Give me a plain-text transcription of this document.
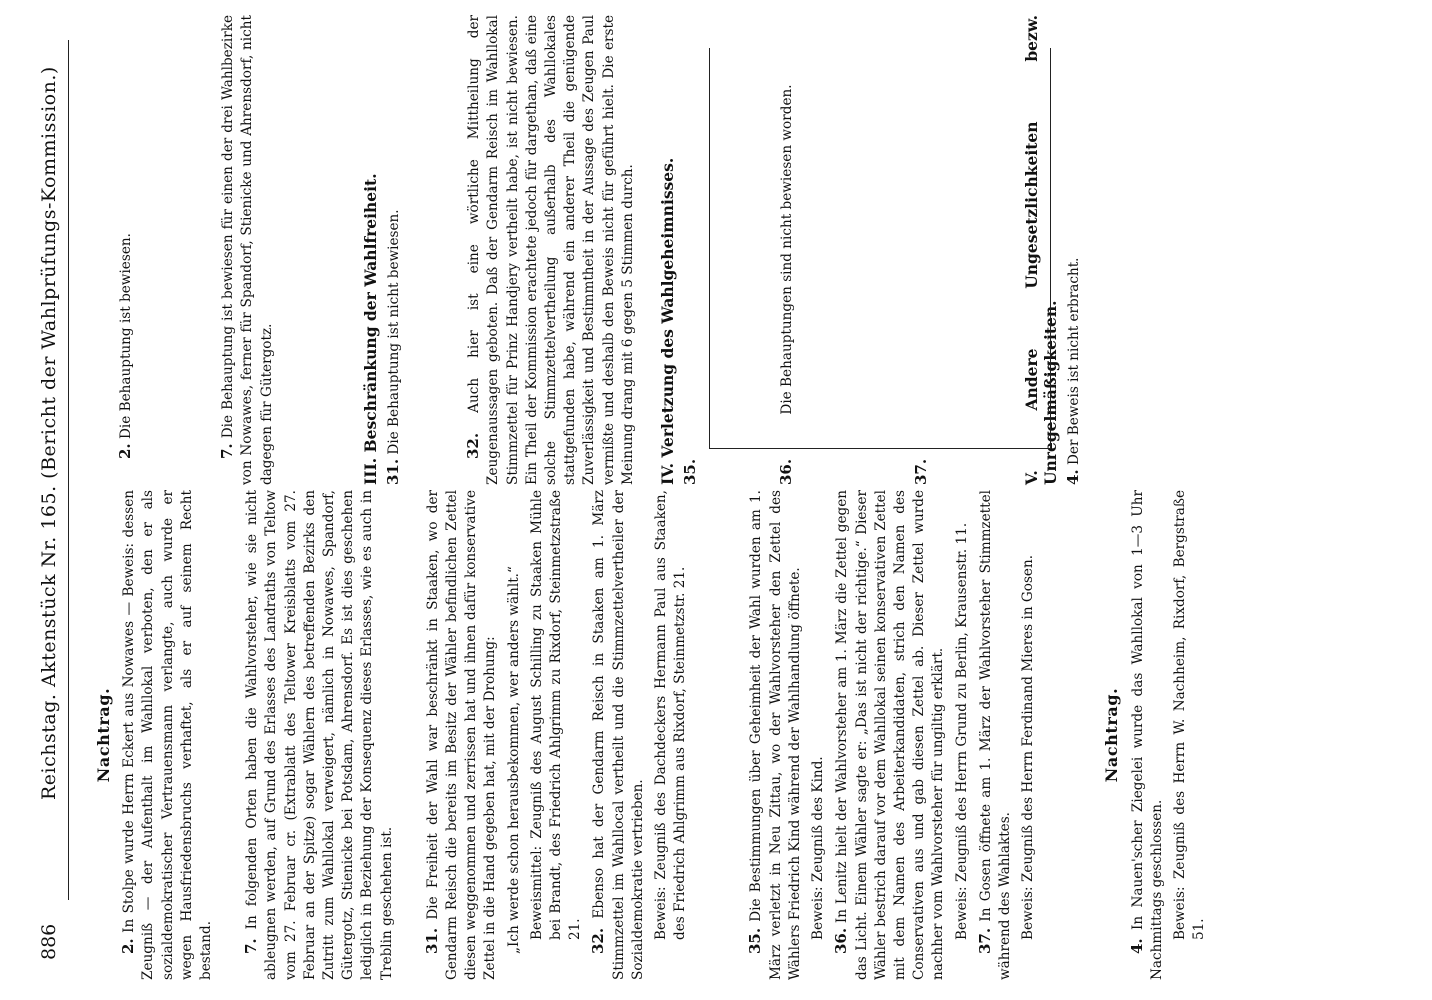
886
Reichstag. Aktenstück Nr. 165. (Bericht der Wahlprüfungs-Kommission.) Nachtrag.

2. In Stolpe wurde Herrn Eckert aus Nowawes — Beweis: dessen Zeugniß — der Aufenthalt im Wahllokal verboten, den er als sozialdemokratischer Vertrauensmann verlangte, auch wurde er wegen Hausfriedensbruchs verhaftet, als er auf seinem Recht bestand. 7. In folgenden Orten haben die Wahlvorsteher, wie sie nicht ableugnen werden, auf Grund des Erlasses des Landraths von Teltow vom 27. Februar cr. (Extrablatt des Teltower Kreisblatts vom 27. Februar an der Spitze) sogar Wählern des betreffenden Bezirks den Zutritt zum Wahllokal verweigert, nämlich in Nowawes, Spandorf, Gütergotz, Stienicke bei Potsdam, Ahrensdorf. Es ist dies geschehen lediglich in Beziehung der Konsequenz dieses Erlasses, wie es auch in Treblin geschehen ist. 31. Die Freiheit der Wahl war beschränkt in Staaken, wo der Gendarm Reisch die bereits im Besitz der Wähler befindlichen Zettel diesen weggenommen und zerrissen hat und ihnen dafür konservative Zettel in die Hand gegeben hat, mit der Drohung: „Ich werde schon herausbekommen, wer anders wählt.“ Beweismittel: Zeugniß des August Schilling zu Staaken Mühle bei Brandt, des Friedrich Ahlgrimm zu Rixdorf, Steinmetzstraße 21. 32. Ebenso hat der Gendarm Reisch in Staaken am 1. März Stimmzettel im Wahllocal vertheilt und die Stimmzettelvertheiler der Sozialdemokratie vertrieben. Beweis: Zeugniß des Dachdeckers Hermann Paul aus Staaken, des Friedrich Ahlgrimm aus Rixdorf, Steinmetzstr. 21.

35. Die Bestimmungen über Geheimheit der Wahl wurden am 1. März verletzt in Neu Zittau, wo der Wahlvorsteher den Zettel des Wählers Friedrich Kind während der Wahlhandlung öffnete. Beweis: Zeugniß des Kind.

36. In Lenitz hielt der Wahlvorsteher am 1. März die Zettel gegen das Licht. Einem Wähler sagte er: „Das ist nicht der richtige.“ Dieser Wähler bestrich darauf vor dem Wahllokal seinen konservativen Zettel mit dem Namen des Arbeiterkandidaten, strich den Namen des Conservativen aus und gab diesen Zettel ab. Dieser Zettel wurde nachher vom Wahlvorsteher für ungiltig erklärt. Beweis: Zeugniß des Herrn Grund zu Berlin, Krausenstr. 11.

37. In Gosen öffnete am 1. März der Wahlvorsteher Stimmzettel während des Wahlaktes. Beweis: Zeugniß des Herrn Ferdinand Mieres in Gosen.	Nachtrag.

4. In Nauen'scher Ziegelei wurde das Wahllokal von 1—3 Uhr Nachmittags geschlossen. Beweis: Zeugniß des Herrn W. Nachheim, Rixdorf, Bergstraße 51.

2. Die Behauptung ist bewiesen.

7. Die Behauptung ist bewiesen für einen der drei Wahlbezirke von Nowawes, ferner für Spandorf, Stienicke und Ahrensdorf, nicht dagegen für Gütergotz.	III. Beschränkung der Wahlfreiheit. 31. Die Behauptung ist nicht bewiesen.	32. Auch hier ist eine wörtliche Mittheilung der Zeugenaussagen geboten. Daß der Gendarm Reisch im Wahllokal Stimmzettel für Prinz Handjery vertheilt habe, ist nicht bewiesen. Ein Theil der Kommission erachtete jedoch für dargethan, daß eine solche Stimmzettelvertheilung außerhalb des Wahllokales stattgefunden habe, während ein anderer Theil die genügende Zuverlässigkeit und Bestimmtheit in der Aussage des Zeugen Paul vermißte und deshalb den Beweis nicht für geführt hielt. Die erste Meinung drang mit 6 gegen 5 Stimmen durch. IV. Verletzung des Wahlgeheimnisses. 35.	36. Die Behauptungen sind nicht bewiesen worden.

37.	V. Andere Ungesetzlichkeiten bezw. Unregelmäßigkeiten. 4. Der Beweis ist nicht erbracht.
